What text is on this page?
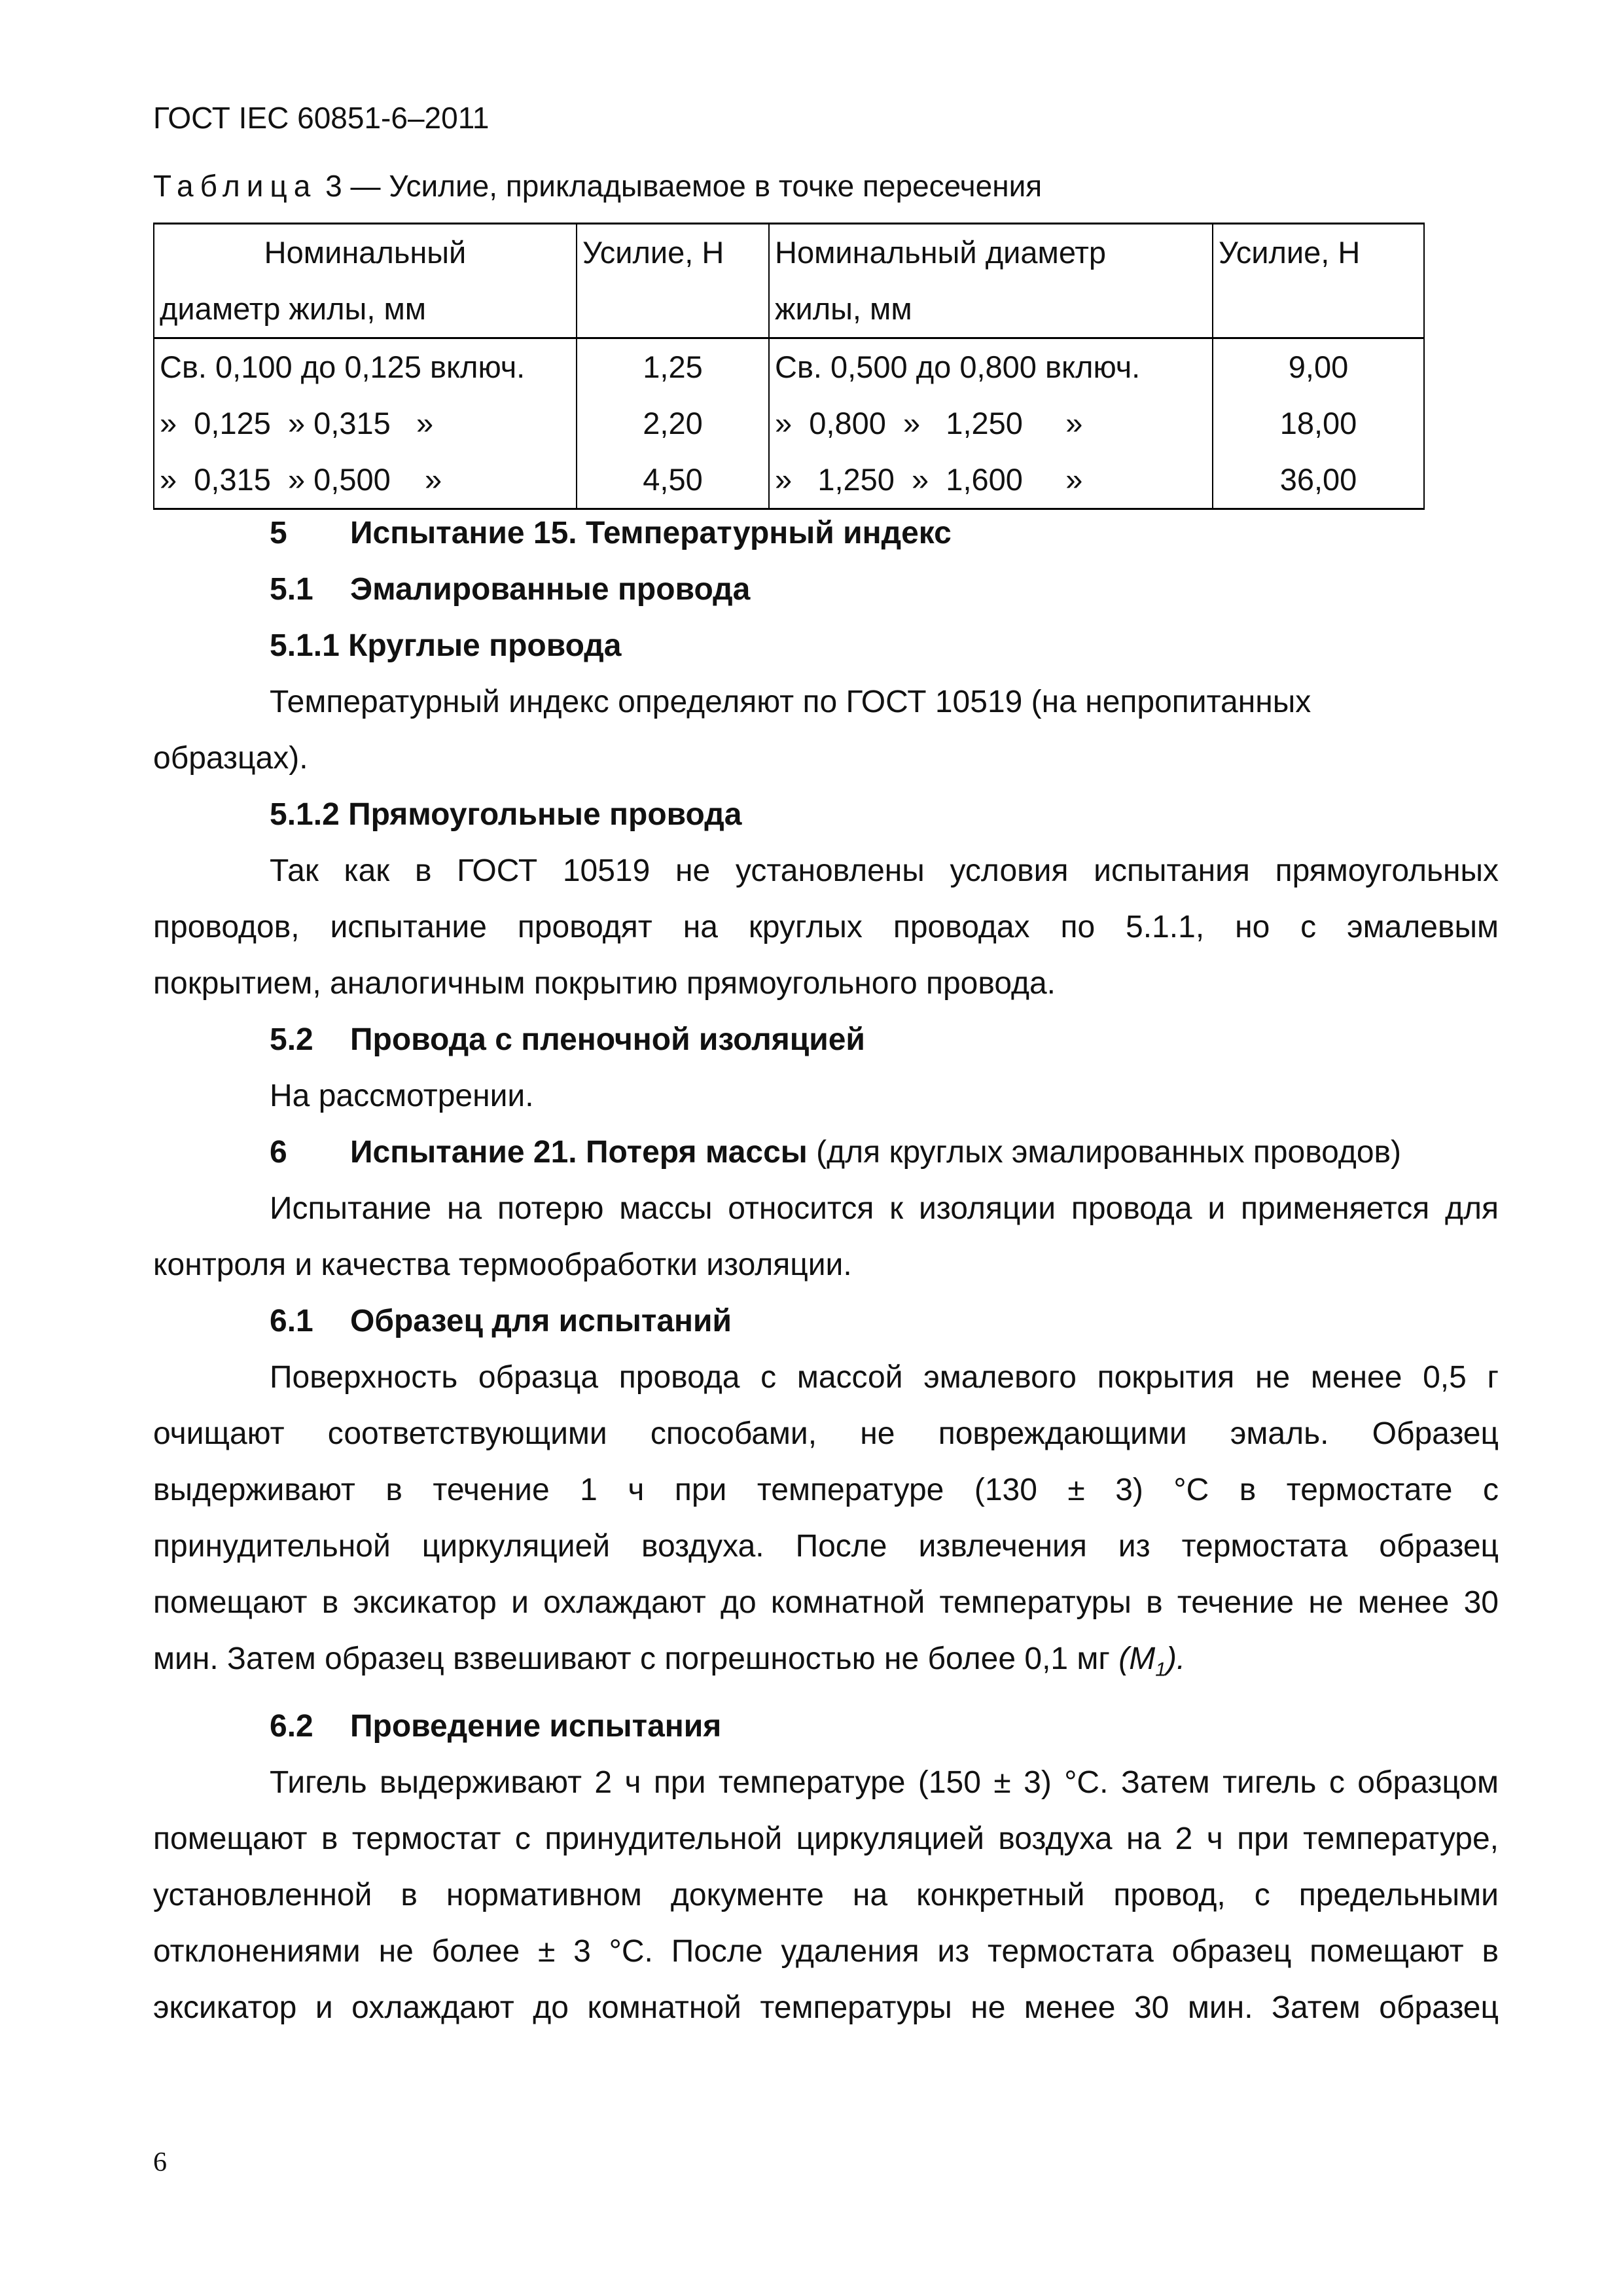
ГОСТ IEC 60851-6–2011
Таблица 3 — Усилие, прикладываемое в точке пересечения
Номинальный	Усилие, Н	Номинальный диаметр	Усилие, Н
диаметр жилы, мм		жилы, мм	
Св. 0,100 до 0,125 включ.	1,25	Св. 0,500 до 0,800 включ.	9,00
»  0,125  » 0,315   »	2,20	»  0,800  »   1,250     »	18,00
»  0,315  » 0,500    »	4,50	»   1,250  »  1,600     »	36,00

5 Испытание 15. Температурный индекс

5.1 Эмалированные провода

5.1.1 Круглые провода

Температурный индекс определяют по ГОСТ 10519 (на непропитанных

образцах).

5.1.2 Прямоугольные провода

Так как в ГОСТ 10519 не установлены условия испытания прямоугольных

проводов, испытание проводят на круглых проводах по 5.1.1, но с эмалевым

покрытием, аналогичным покрытию прямоугольного провода.

5.2 Провода с пленочной изоляцией

На рассмотрении.

6 Испытание 21. Потеря массы (для круглых эмалированных проводов)

Испытание на потерю массы относится к изоляции провода и применяется для

контроля и качества термообработки изоляции.

6.1 Образец для испытаний

Поверхность образца провода с массой эмалевого покрытия не менее 0,5 г

очищают соответствующими способами, не повреждающими эмаль. Образец

выдерживают в течение 1 ч при температуре (130 ± 3) °С в термостате с

принудительной циркуляцией воздуха. После извлечения из термостата образец

помещают в эксикатор и охлаждают до комнатной температуры в течение не менее 30

мин. Затем образец взвешивают с погрешностью не более 0,1 мг $(M_1)$.

6.2 Проведение испытания

Тигель выдерживают 2 ч при температуре (150 ± 3) °С. Затем тигель с образцом

помещают в термостат с принудительной циркуляцией воздуха на 2 ч при температуре,

установленной в нормативном документе на конкретный провод, с предельными

отклонениями не более ± 3 °С. После удаления из термостата образец помещают в

эксикатор и охлаждают до комнатной температуры не менее 30 мин. Затем образец

6
